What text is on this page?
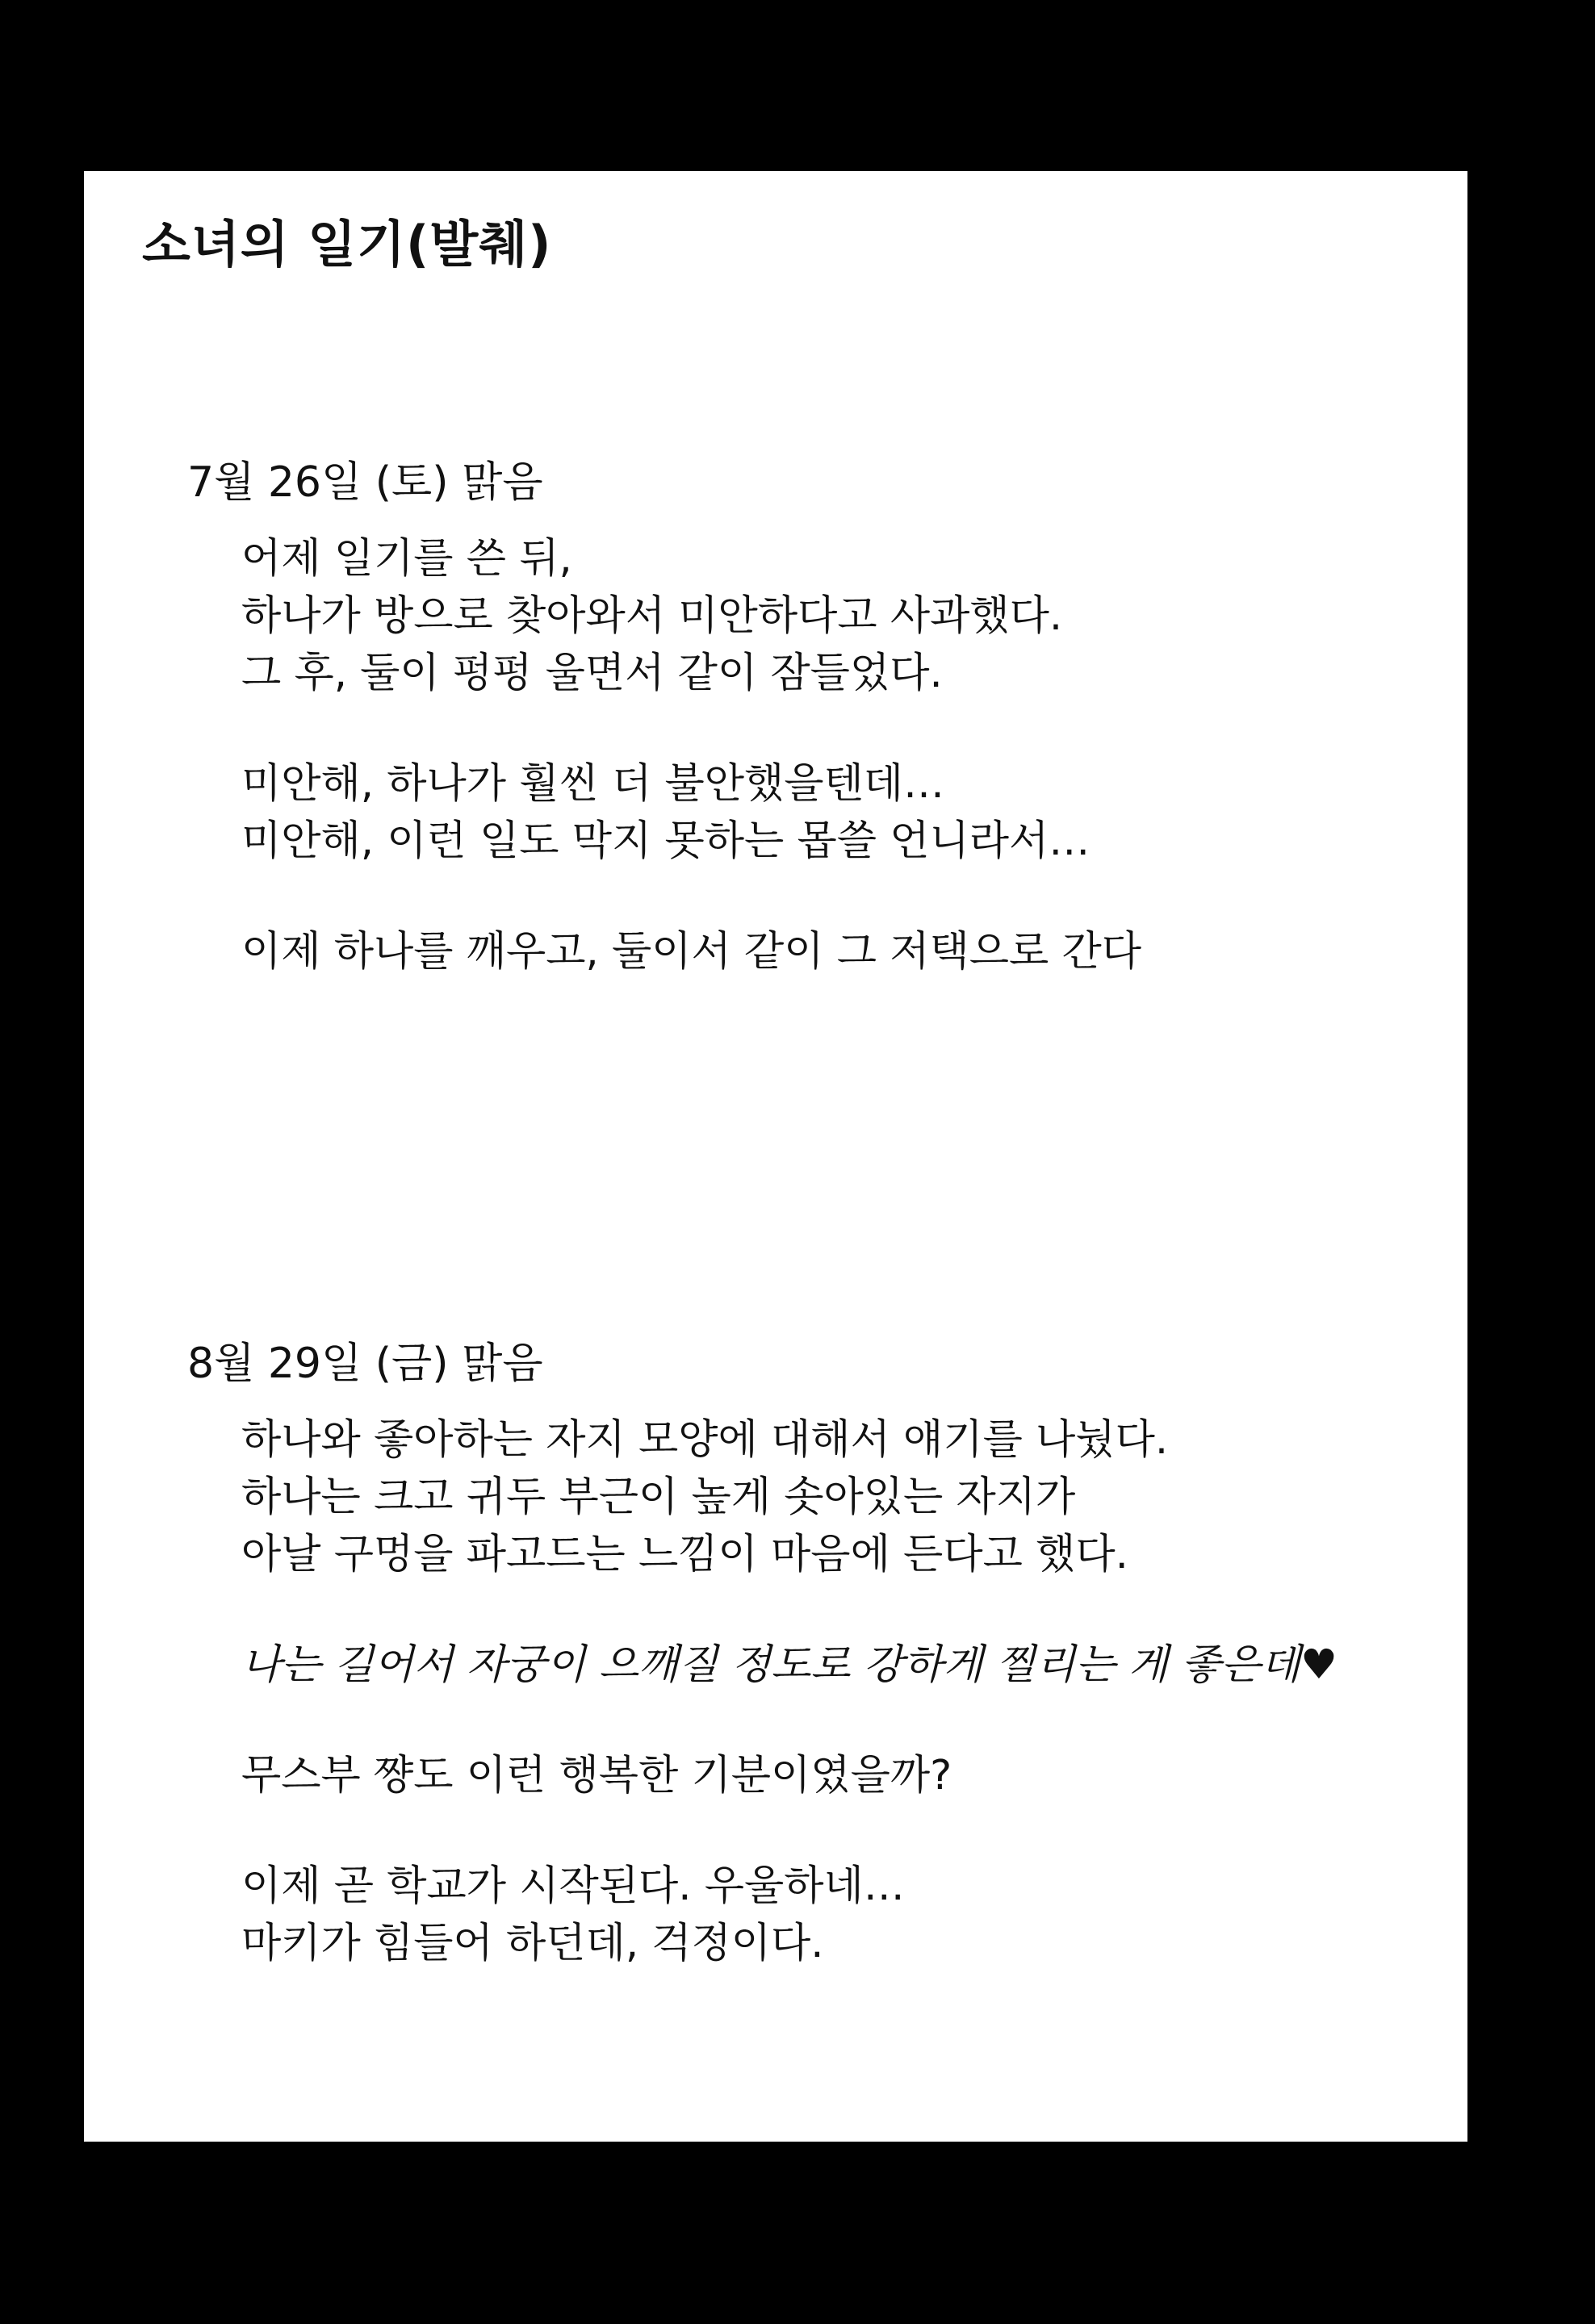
소녀의 일기(발췌)
7월 26일 (토) 맑음
어제 일기를 쓴 뒤,
하나가 방으로 찾아와서 미안하다고 사과했다.
그 후, 둘이 펑펑 울면서 같이 잠들었다.
미안해, 하나가 훨씬 더 불안했을텐데…
미안해, 이런 일도 막지 못하는 몹쓸 언니라서…
이제 하나를 깨우고, 둘이서 같이 그 저택으로 간다
8월 29일 (금) 맑음
하나와 좋아하는 자지 모양에 대해서 얘기를 나눴다.
하나는 크고 귀두 부근이 높게 솟아있는 자지가
아날 구멍을 파고드는 느낌이 마음에 든다고 했다.
나는 길어서 자궁이 으깨질 정도로 강하게 찔리는 게 좋은데♥
무스부 쨩도 이런 행복한 기분이였을까?
이제 곧 학교가 시작된다. 우울하네…
마키가 힘들어 하던데, 걱정이다.
